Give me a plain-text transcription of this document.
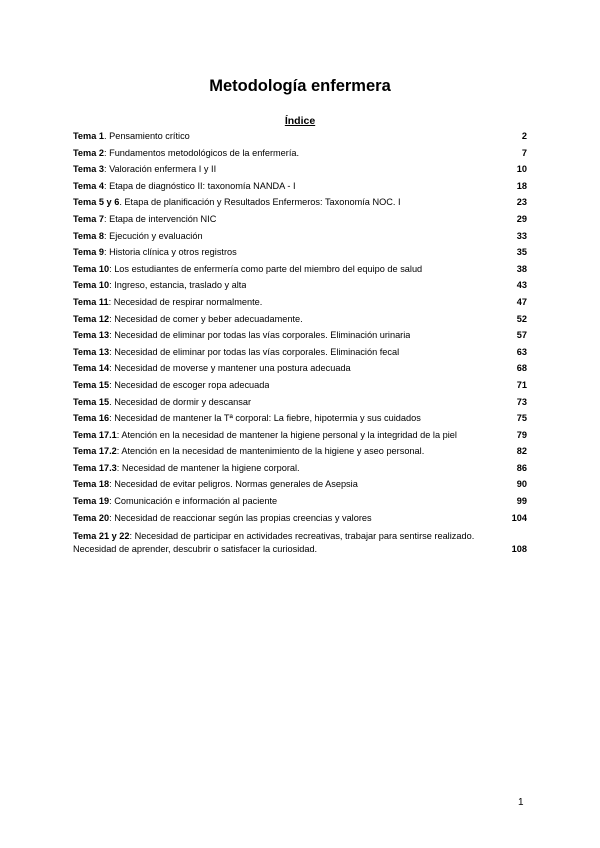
Metodología enfermera
Índice
Tema 1. Pensamiento crítico	2
Tema 2: Fundamentos metodológicos de la enfermería.	7
Tema 3: Valoración enfermera I y II	10
Tema 4: Etapa de diagnóstico II: taxonomía NANDA - I	18
Tema 5 y 6. Etapa de planificación y Resultados Enfermeros: Taxonomía NOC. I	23
Tema 7: Etapa de intervención NIC	29
Tema 8: Ejecución y evaluación	33
Tema 9: Historia clínica y otros registros	35
Tema 10: Los estudiantes de enfermería como parte del miembro del equipo de salud	38
Tema 10: Ingreso, estancia, traslado y alta	43
Tema 11: Necesidad de respirar normalmente.	47
Tema 12: Necesidad de comer y beber adecuadamente.	52
Tema 13: Necesidad de eliminar por todas las vías corporales. Eliminación urinaria	57
Tema 13: Necesidad de eliminar por todas las vías corporales. Eliminación fecal	63
Tema 14: Necesidad de moverse y mantener una postura adecuada	68
Tema 15: Necesidad de escoger ropa adecuada	71
Tema 15. Necesidad de dormir y descansar	73
Tema 16: Necesidad de mantener la Tª corporal: La fiebre, hipotermia y sus cuidados	75
Tema 17.1: Atención en la necesidad de mantener la higiene personal y la integridad de la piel	79
Tema 17.2: Atención en la necesidad de mantenimiento de la higiene y aseo personal.	82
Tema 17.3: Necesidad de mantener la higiene corporal.	86
Tema 18: Necesidad de evitar peligros. Normas generales de Asepsia	90
Tema 19: Comunicación e información al paciente	99
Tema 20: Necesidad de reaccionar según las propias creencias y valores	104
Tema 21 y 22: Necesidad de participar en actividades recreativas, trabajar para sentirse realizado.
Necesidad de aprender, descubrir o satisfacer la curiosidad.	108
1
